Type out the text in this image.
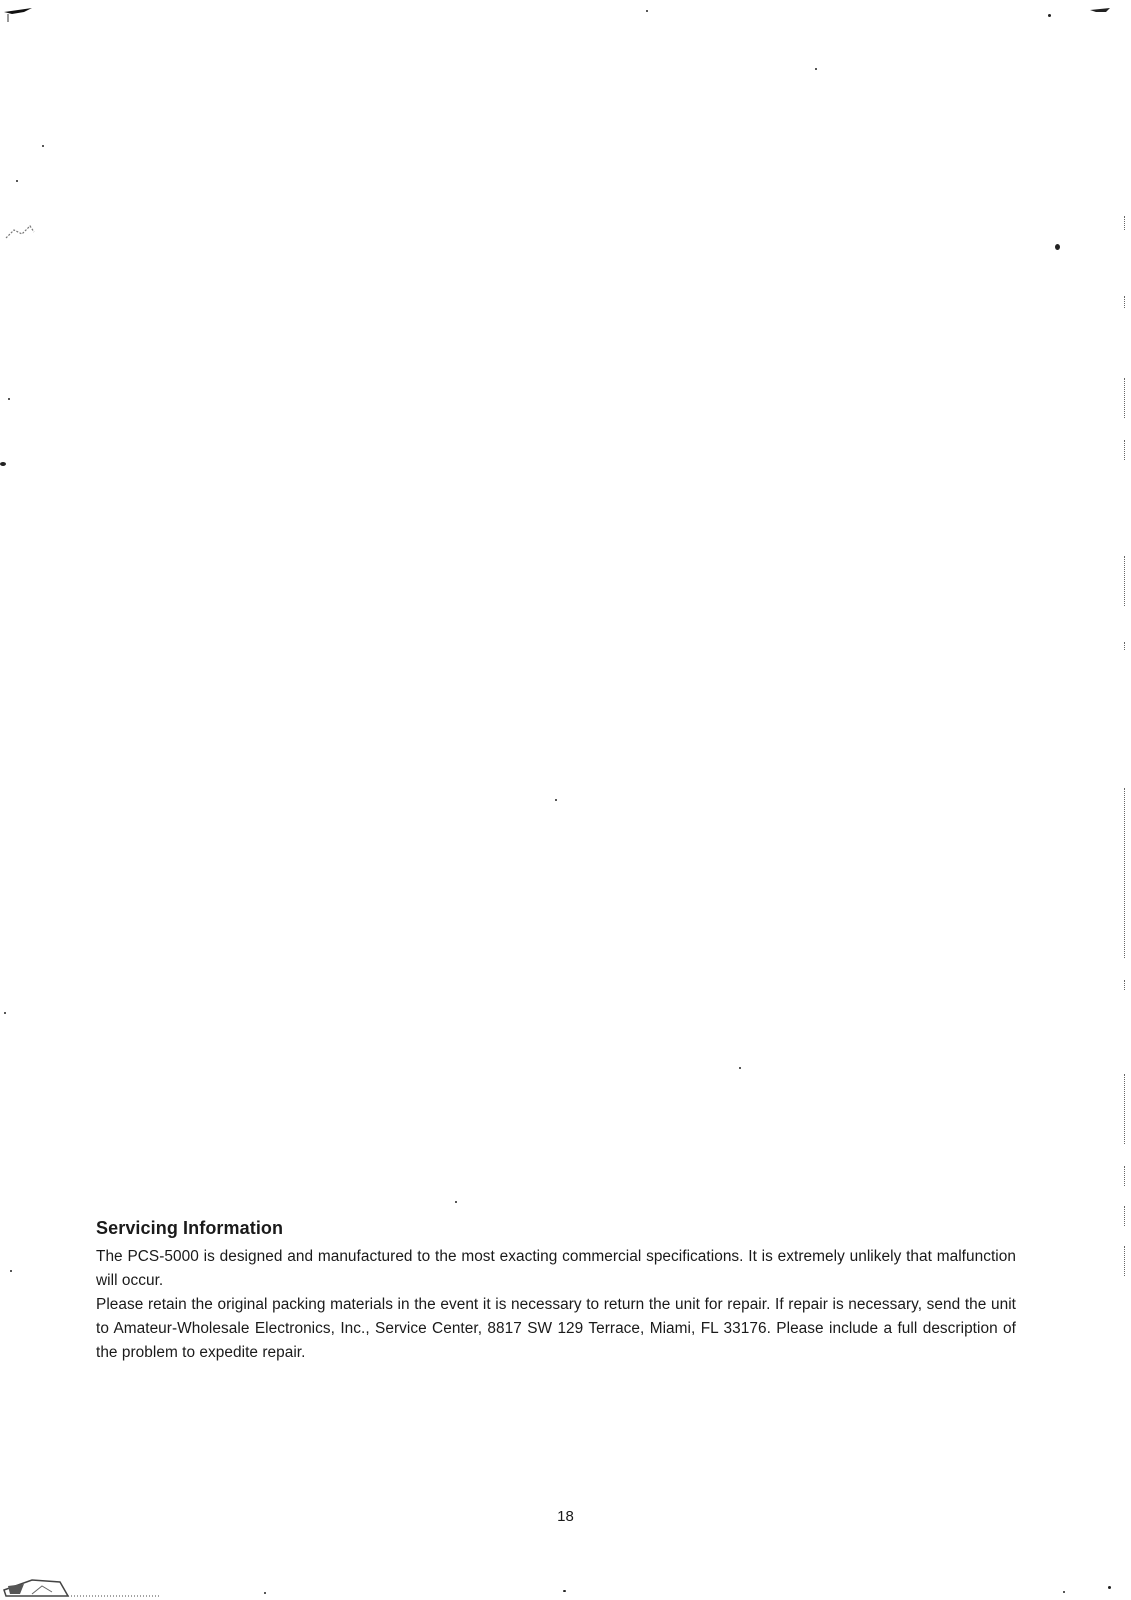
Servicing Information

The PCS-5000 is designed and manufactured to the most exacting commercial specifications. It is extremely unlikely that malfunction will occur.

Please retain the original packing materials in the event it is necessary to return the unit for repair. If repair is necessary, send the unit to Amateur-Wholesale Electronics, Inc., Service Center, 8817 SW 129 Terrace, Miami, FL 33176. Please include a full description of the problem to expedite repair.

18
